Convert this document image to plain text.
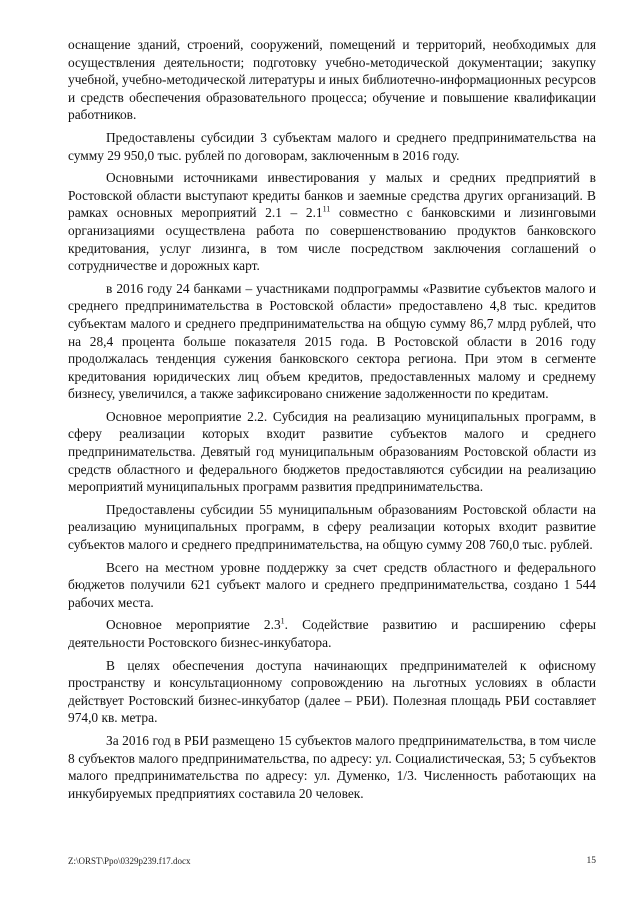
оснащение зданий, строений, сооружений, помещений и территорий, необходимых для осуществления деятельности; подготовку учебно-методической документации; закупку учебной, учебно-методической литературы и иных библиотечно-информационных ресурсов и средств обеспечения образовательного процесса; обучение и повышение квалификации работников.

Предоставлены субсидии 3 субъектам малого и среднего предпринимательства на сумму 29 950,0 тыс. рублей по договорам, заключенным в 2016 году.

Основными источниками инвестирования у малых и средних предприятий в Ростовской области выступают кредиты банков и заемные средства других организаций. В рамках основных мероприятий $2.1 - 2.1^{11}$ совместно с банковскими и лизинговыми организациями осуществлена работа по совершенствованию продуктов банковского кредитования, услуг лизинга, в том числе посредством заключения соглашений о сотрудничестве и дорожных карт.

в 2016 году 24 банками – участниками подпрограммы «Развитие субъектов малого и среднего предпринимательства в Ростовской области» предоставлено 4,8 тыс. кредитов субъектам малого и среднего предпринимательства на общую сумму 86,7 млрд рублей, что на 28,4 процента больше показателя 2015 года. В Ростовской области в 2016 году продолжалась тенденция сужения банковского сектора региона. При этом в сегменте кредитования юридических лиц объем кредитов, предоставленных малому и среднему бизнесу, увеличился, а также зафиксировано снижение задолженности по кредитам.

Основное мероприятие 2.2. Субсидия на реализацию муниципальных программ, в сферу реализации которых входит развитие субъектов малого и среднего предпринимательства. Девятый год муниципальным образованиям Ростовской области из средств областного и федерального бюджетов предоставляются субсидии на реализацию мероприятий муниципальных программ развития предпринимательства.

Предоставлены субсидии 55 муниципальным образованиям Ростовской области на реализацию муниципальных программ, в сферу реализации которых входит развитие субъектов малого и среднего предпринимательства, на общую сумму 208 760,0 тыс. рублей.

Всего на местном уровне поддержку за счет средств областного и федерального бюджетов получили 621 субъект малого и среднего предпринимательства, создано 1 544 рабочих места.

Основное мероприятие $2.3^1$. Содействие развитию и расширению сферы деятельности Ростовского бизнес-инкубатора.

В целях обеспечения доступа начинающих предпринимателей к офисному пространству и консультационному сопровождению на льготных условиях в области действует Ростовский бизнес-инкубатор (далее – РБИ). Полезная площадь РБИ составляет 974,0 кв. метра.

За 2016 год в РБИ размещено 15 субъектов малого предпринимательства, в том числе 8 субъектов малого предпринимательства, по адресу: ул. Социалистическая, 53; 5 субъектов малого предпринимательства по адресу: ул. Думенко, 1/3. Численность работающих на инкубируемых предприятиях составила 20 человек.

Z:\ORST\Ppo\0329p239.f17.docx	15
